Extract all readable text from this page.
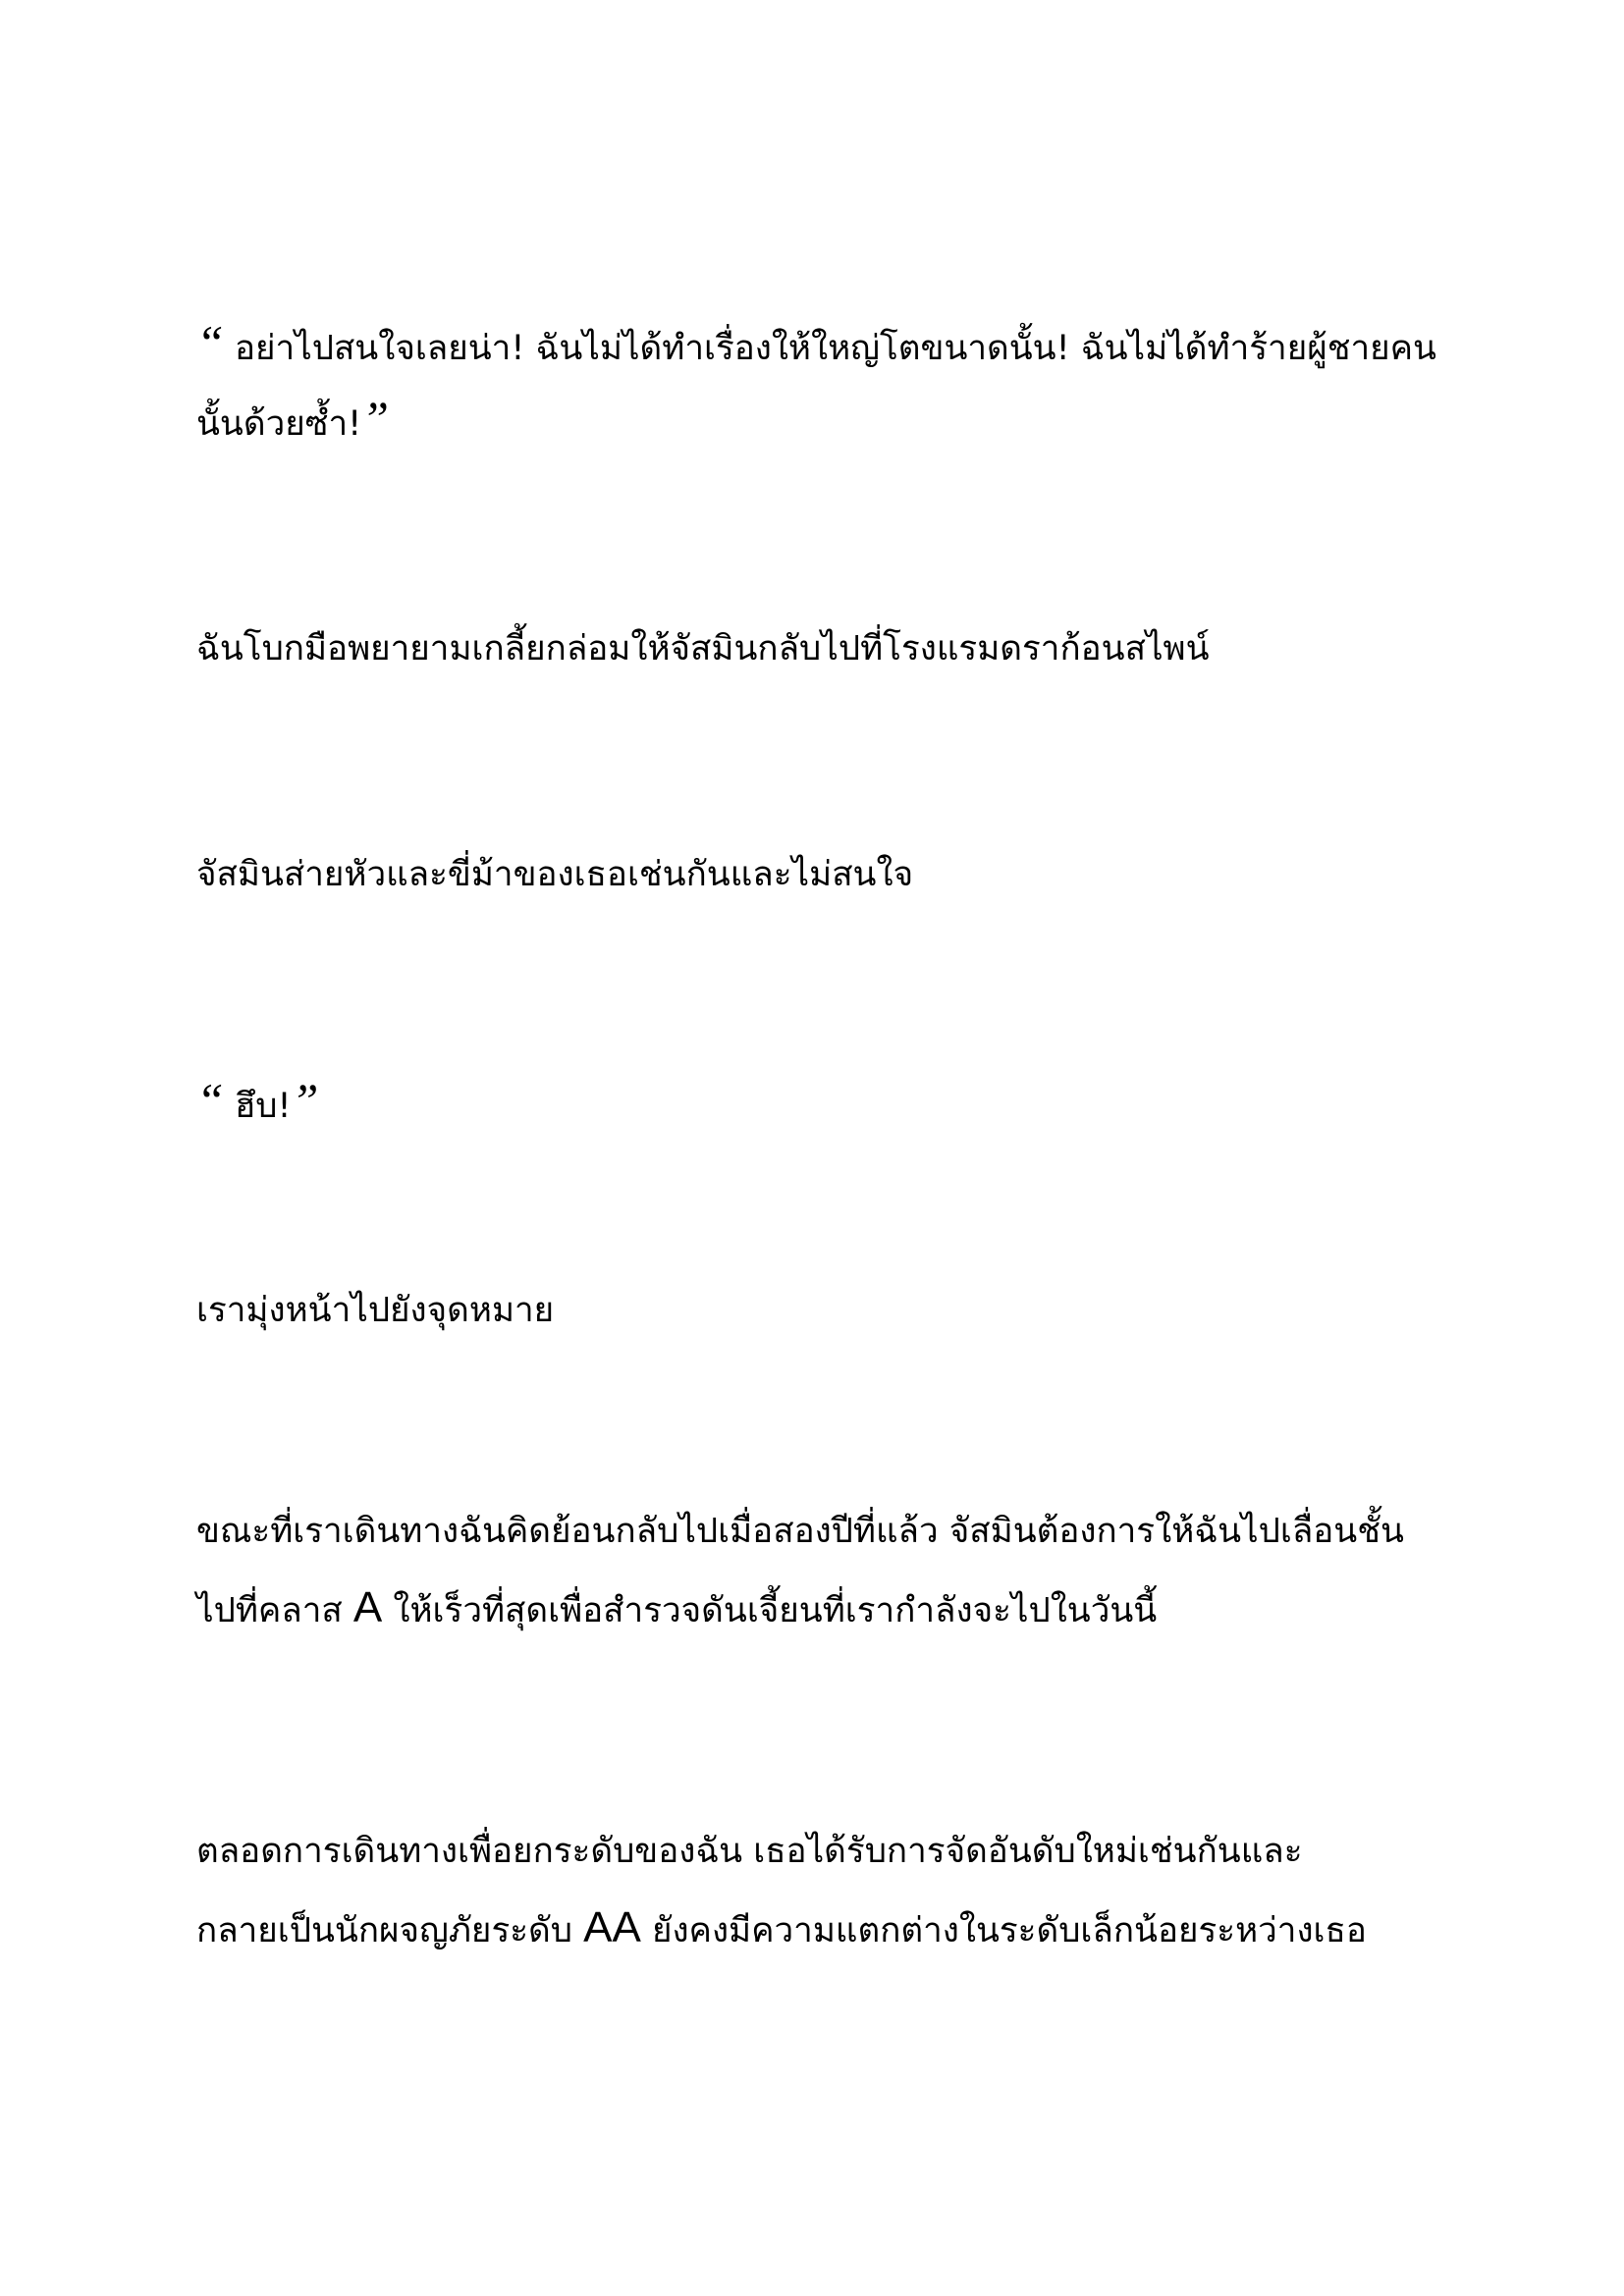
“ อย่าไปสนใจเลยน่า! ฉันไม่ได้ทำเรื่องให้ใหญ่โตขนาดนั้น! ฉันไม่ได้ทำร้ายผู้ชายคน
นั้นด้วยซ้ำ!”

ฉันโบกมือพยายามเกลี้ยกล่อมให้จัสมินกลับไปที่โรงแรมดราก้อนสไพน์

จัสมินส่ายหัวและขี่ม้าของเธอเช่นกันและไม่สนใจ

“ ฮึบ!”

เรามุ่งหน้าไปยังจุดหมาย

ขณะที่เราเดินทางฉันคิดย้อนกลับไปเมื่อสองปีที่แล้ว จัสมินต้องการให้ฉันไปเลื่อนชั้น
ไปที่คลาส A ให้เร็วที่สุดเพื่อสำรวจดันเจี้ยนที่เรากำลังจะไปในวันนี้

ตลอดการเดินทางเพื่อยกระดับของฉัน เธอได้รับการจัดอันดับใหม่เช่นกันและ
กลายเป็นนักผจญภัยระดับ AA ยังคงมีความแตกต่างในระดับเล็กน้อยระหว่างเธอ
